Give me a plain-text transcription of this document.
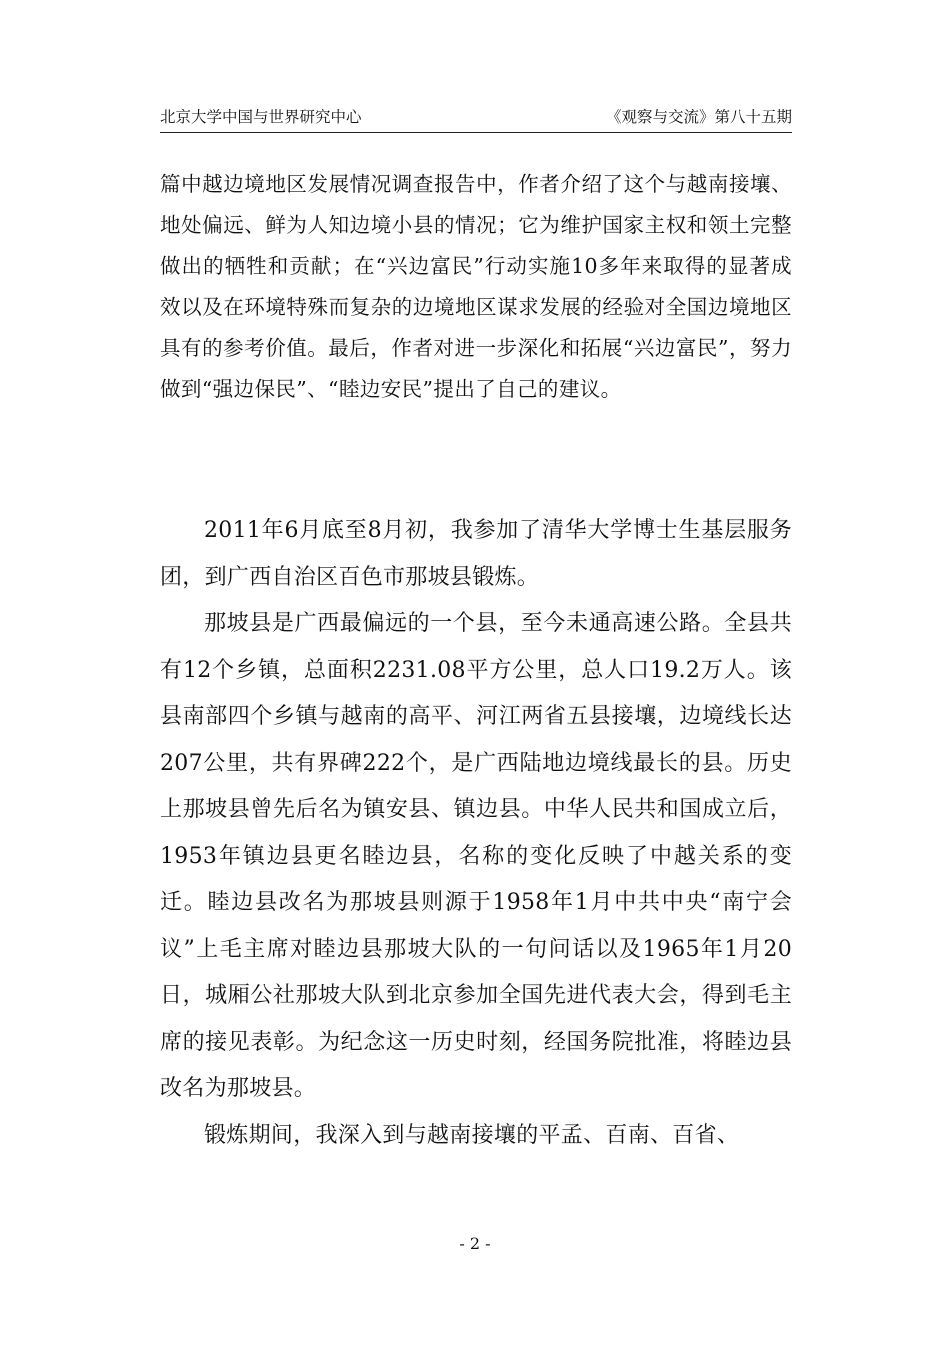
北京大学中国与世界研究中心	《观察与交流》第八十五期

篇中越边境地区发展情况调查报告中，作者介绍了这个与越南接壤、地处偏远、鲜为人知边境小县的情况；它为维护国家主权和领土完整做出的牺牲和贡献；在“兴边富民”行动实施10多年来取得的显著成效以及在环境特殊而复杂的边境地区谋求发展的经验对全国边境地区具有的参考价值。最后，作者对进一步深化和拓展“兴边富民”，努力做到“强边保民”、“睦边安民”提出了自己的建议。

2011年6月底至8月初，我参加了清华大学博士生基层服务团，到广西自治区百色市那坡县锻炼。

那坡县是广西最偏远的一个县，至今未通高速公路。全县共有12个乡镇，总面积2231.08平方公里，总人口19.2万人。该县南部四个乡镇与越南的高平、河江两省五县接壤，边境线长达207公里，共有界碑222个，是广西陆地边境线最长的县。历史上那坡县曾先后名为镇安县、镇边县。中华人民共和国成立后，1953年镇边县更名睦边县，名称的变化反映了中越关系的变迁。睦边县改名为那坡县则源于1958年1月中共中央“南宁会议”上毛主席对睦边县那坡大队的一句问话以及1965年1月20日，城厢公社那坡大队到北京参加全国先进代表大会，得到毛主席的接见表彰。为纪念这一历史时刻，经国务院批准，将睦边县改名为那坡县。

锻炼期间，我深入到与越南接壤的平孟、百南、百省、

- 2 -
